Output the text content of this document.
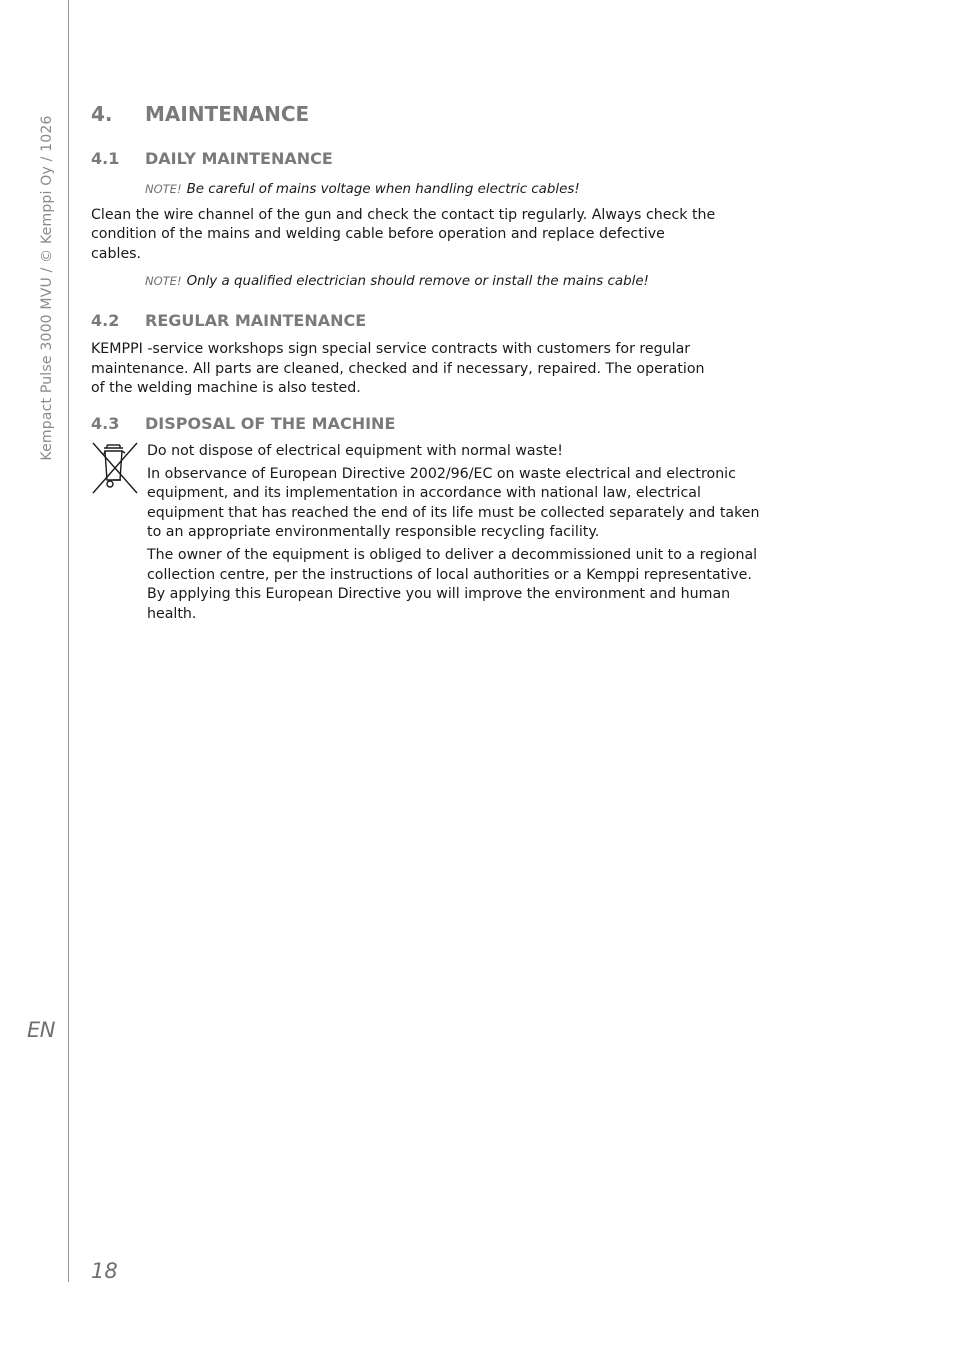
Kempact Pulse 3000 MVU / © Kemppi Oy / 1026
EN
18
4.	MAINTENANCE
4.1	DAILY MAINTENANCE
NOTE! Be careful of mains voltage when handling electric cables!

Clean the wire channel of the gun and check the contact tip regularly. Always check the condition of the mains and welding cable before operation and replace defective cables.

NOTE! Only a qualified electrician should remove or install the mains cable!
4.2	REGULAR MAINTENANCE

KEMPPI -service workshops sign special service contracts with customers for regular maintenance. All parts are cleaned, checked and if necessary, repaired. The operation of the welding machine is also tested.

4.3	DISPOSAL OF THE MACHINE

Do not dispose of electrical equipment with normal waste!

In observance of European Directive 2002/96/EC on waste electrical and electronic equipment, and its implementation in accordance with national law, electrical equipment that has reached the end of its life must be collected separately and taken to an appropriate environmentally responsible recycling facility.

The owner of the equipment is obliged to deliver a decommissioned unit to a regional collection centre, per the instructions of local authorities or a Kemppi representative. By applying this European Directive you will improve the environment and human health.
